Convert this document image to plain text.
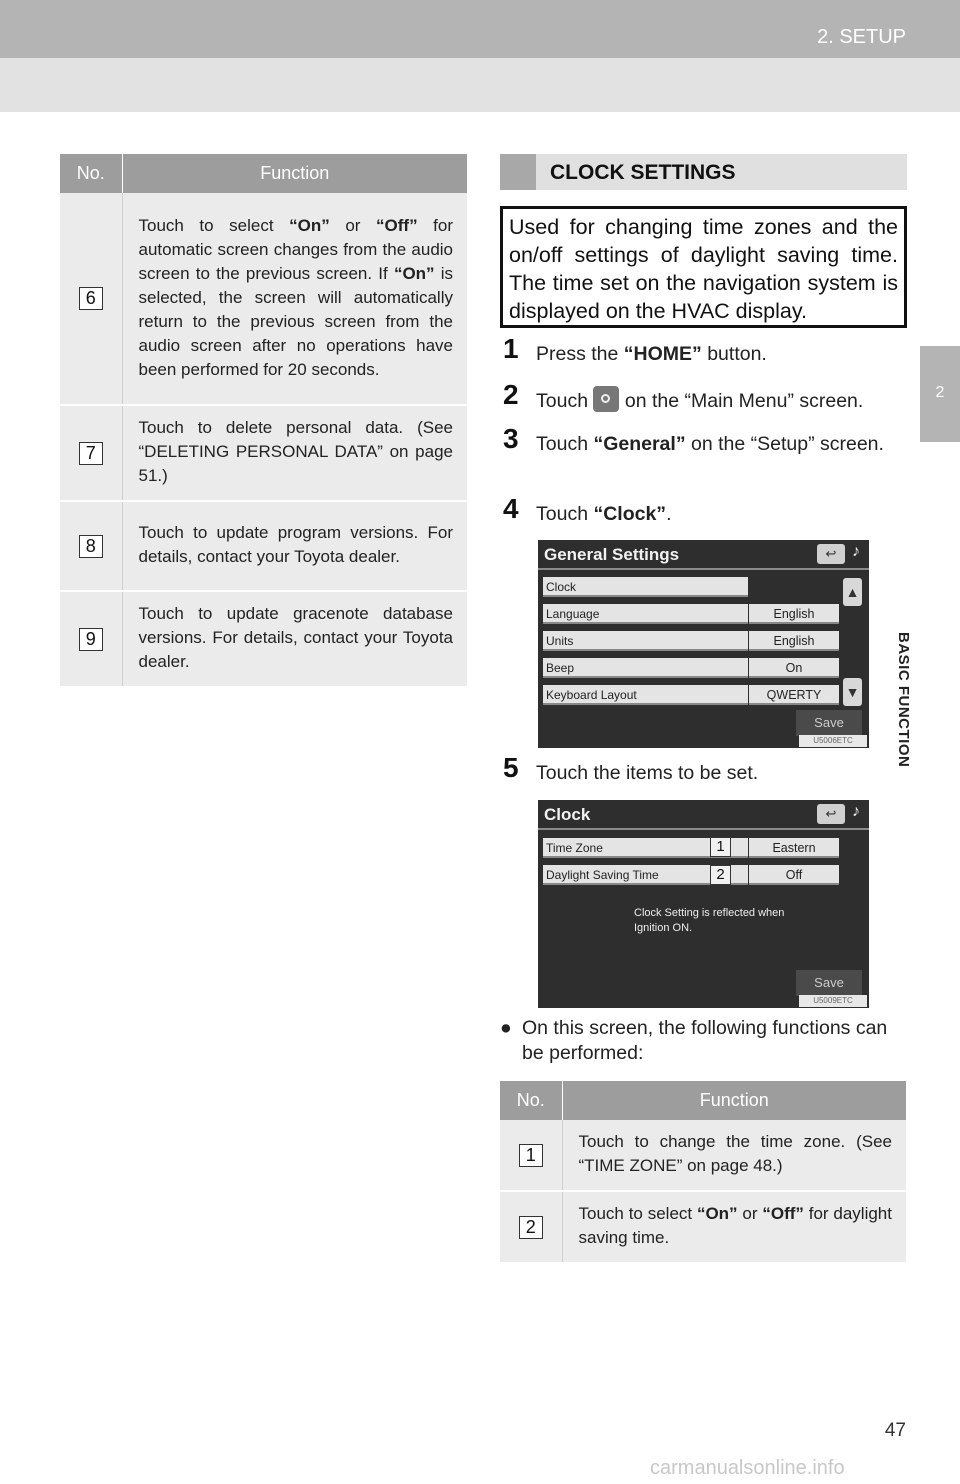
2. SETUP
2
BASIC FUNCTION
No.	Function
6	Touch to select “On” or “Off” for automatic screen changes from the audio screen to the previous screen. If “On” is selected, the screen will automatically return to the previous screen from the audio screen after no operations have been performed for 20 seconds.
7	Touch to delete personal data. (See “DELETING PERSONAL DATA” on page 51.)
8	Touch to update program versions. For details, contact your Toyota dealer.
9	Touch to update gracenote database versions. For details, contact your Toyota dealer.
CLOCK SETTINGS
Used for changing time zones and the on/off settings of daylight saving time. The time set on the navigation system is displayed on the HVAC display.
1 Press the “HOME” button.
2 Touch  on the “Main Menu” screen.
3 Touch “General” on the “Setup” screen.
4 Touch “Clock”.
General Settings	↩ ♪
Clock
Language	English
Units	English
Beep	On
Keyboard Layout	QWERTY
▲
▼
Save
U5006ETC
5 Touch the items to be set.
Clock	↩ ♪
Time Zone	Eastern
Daylight Saving Time	Off
1
2
Clock Setting is reflected when Ignition ON.
Save
U5009ETC
● On this screen, the following functions can be performed:
No.	Function
1	Touch to change the time zone. (See “TIME ZONE” on page 48.)
2	Touch to select “On” or “Off” for daylight saving time.
47
carmanualsonline.info
